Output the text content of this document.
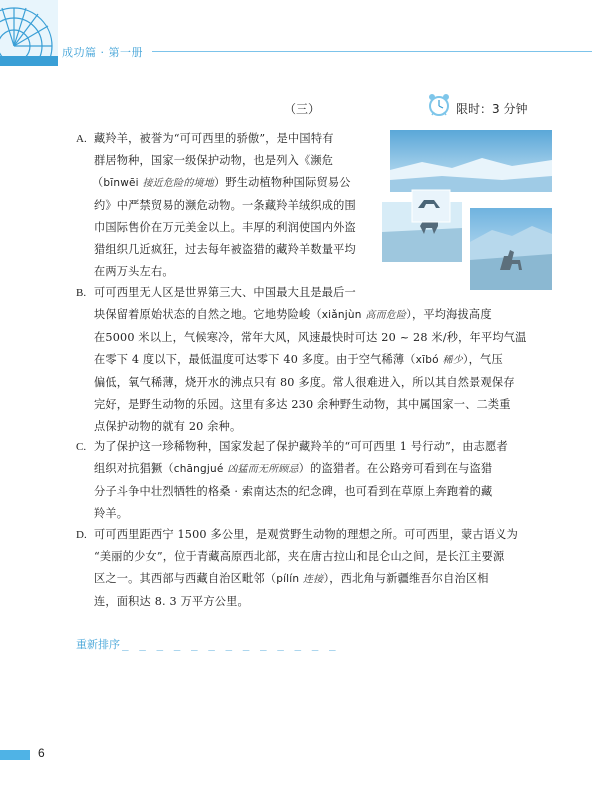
成功篇 · 第一册
（三）	限时：3 分钟
A. 藏羚羊，被誉为“可可西里的骄傲”，是中国特有
群居物种，国家一级保护动物，也是列入《濒危
（bīnwēi 接近危险的境地）野生动植物种国际贸易公
约》中严禁贸易的濒危动物。一条藏羚羊绒织成的围
巾国际售价在万元美金以上。丰厚的利润使国内外盗
猎组织几近疯狂，过去每年被盗猎的藏羚羊数量平均
在两万头左右。
B. 可可西里无人区是世界第三大、中国最大且是最后一
块保留着原始状态的自然之地。它地势险峻（xiǎnjùn 高而危险），平均海拔高度
在5000 米以上，气候寒冷，常年大风，风速最快时可达 20 ~ 28 米/秒，年平均气温
在零下 4 度以下，最低温度可达零下 40 多度。由于空气稀薄（xībó 稀少），气压
偏低，氧气稀薄，烧开水的沸点只有 80 多度。常人很难进入，所以其自然景观保存
完好，是野生动物的乐园。这里有多达 230 余种野生动物，其中属国家一、二类重
点保护动物的就有 20 余种。
C. 为了保护这一珍稀物种，国家发起了保护藏羚羊的“可可西里 1 号行动”，由志愿者
组织对抗猖獗（chāngjué 凶猛而无所顾忌）的盗猎者。在公路旁可看到在与盗猎
分子斗争中壮烈牺牲的格桑 · 索南达杰的纪念碑，也可看到在草原上奔跑着的藏
羚羊。
D. 可可西里距西宁 1500 多公里，是观赏野生动物的理想之所。可可西里，蒙古语义为
“美丽的少女”，位于青藏高原西北部，夹在唐古拉山和昆仑山之间，是长江主要源
区之一。其西部与西藏自治区毗邻（pílín 连接），西北角与新疆维吾尔自治区相
连，面积达 8. 3 万平方公里。
重新排序 _ _ _ _ _ _ _ _ _ _ _ _ _
6
